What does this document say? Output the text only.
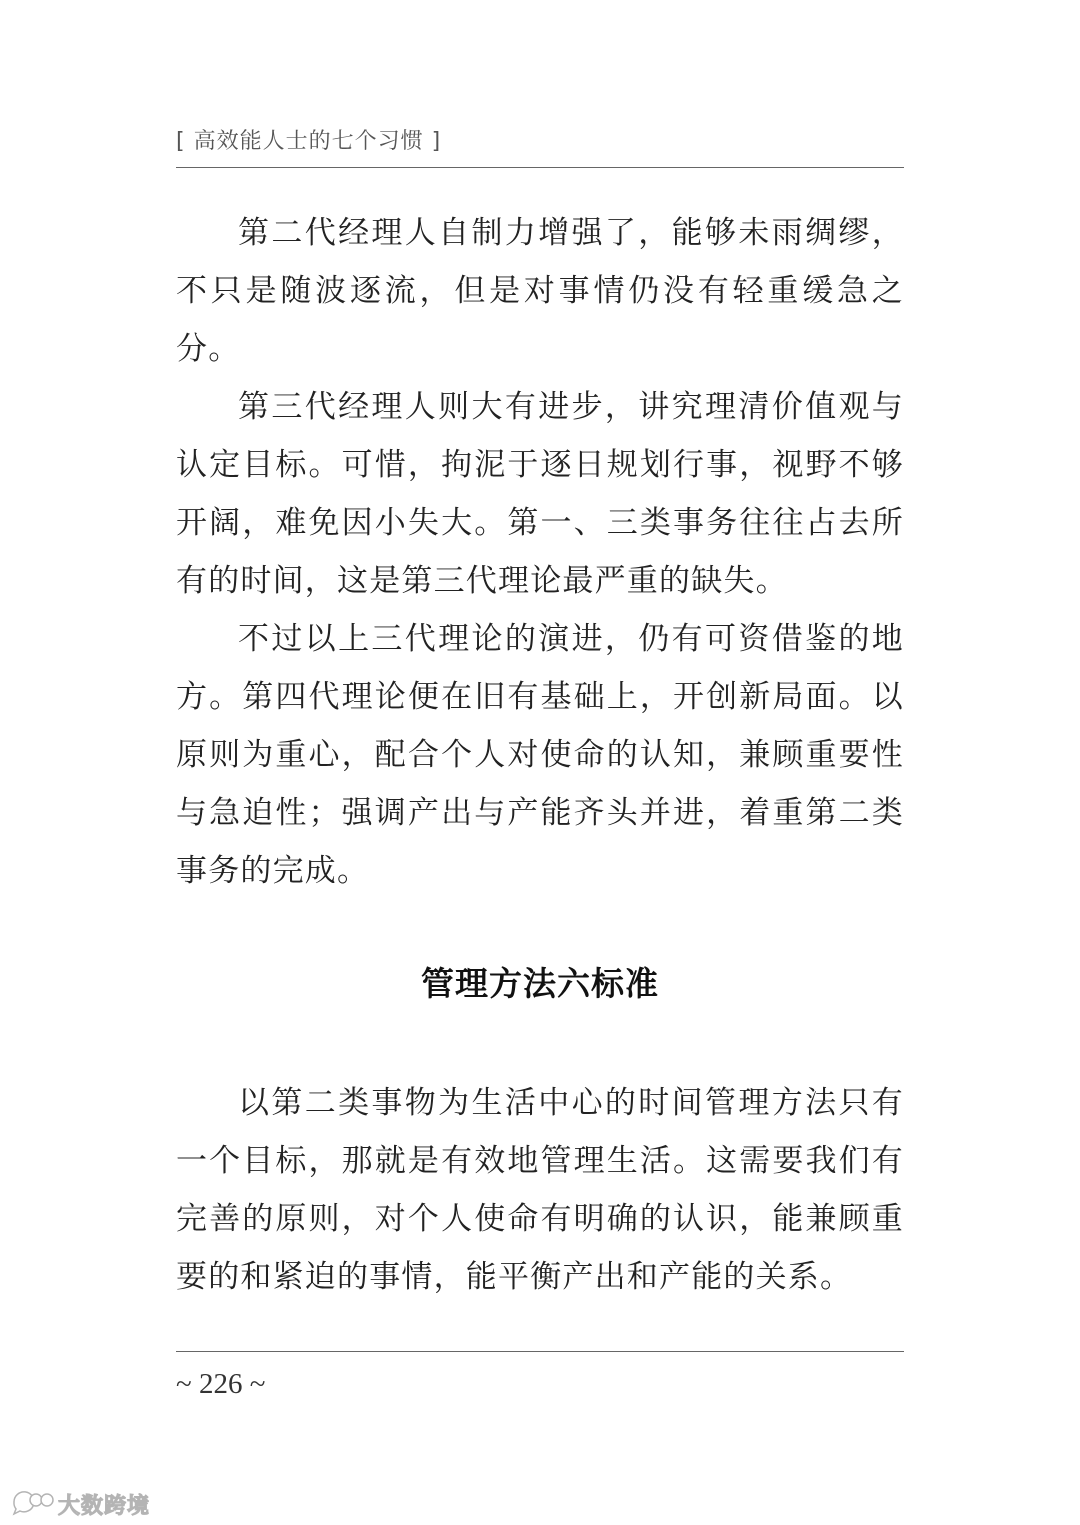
[ 高效能人士的七个习惯 ]

第二代经理人自制力增强了，能够未雨绸缪，不只是随波逐流，但是对事情仍没有轻重缓急之分。

第三代经理人则大有进步，讲究理清价值观与认定目标。可惜，拘泥于逐日规划行事，视野不够开阔，难免因小失大。第一、三类事务往往占去所有的时间，这是第三代理论最严重的缺失。

不过以上三代理论的演进，仍有可资借鉴的地方。第四代理论便在旧有基础上，开创新局面。以原则为重心，配合个人对使命的认知，兼顾重要性与急迫性；强调产出与产能齐头并进，着重第二类事务的完成。

管理方法六标准

以第二类事物为生活中心的时间管理方法只有一个目标，那就是有效地管理生活。这需要我们有完善的原则，对个人使命有明确的认识，能兼顾重要的和紧迫的事情，能平衡产出和产能的关系。

~ 226 ~
大数跨境
